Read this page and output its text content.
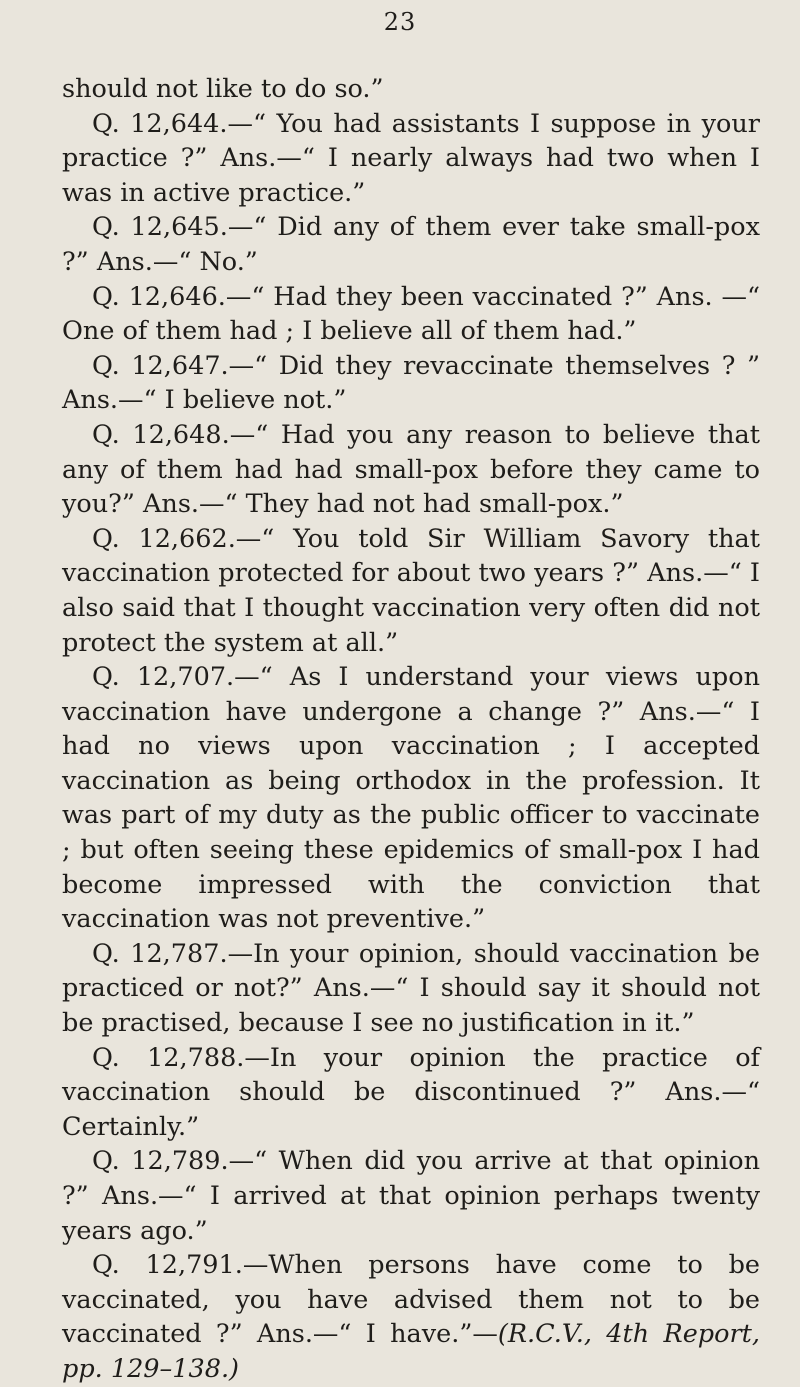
23

should not like to do so.”

Q. 12,644.—“ You had assistants I suppose in your practice ?” Ans.—“ I nearly always had two when I was in active practice.”

Q. 12,645.—“ Did any of them ever take small-pox ?” Ans.—“ No.”

Q. 12,646.—“ Had they been vaccinated ?” Ans. —“ One of them had ; I believe all of them had.”

Q. 12,647.—“ Did they revaccinate themselves ? ” Ans.—“ I believe not.”

Q. 12,648.—“ Had you any reason to believe that any of them had had small-pox before they came to you?” Ans.—“ They had not had small-pox.”

Q. 12,662.—“ You told Sir William Savory that vaccination protected for about two years ?” Ans.—“ I also said that I thought vaccination very often did not protect the system at all.”

Q. 12,707.—“ As I understand your views upon vaccination have undergone a change ?” Ans.—“ I had no views upon vaccination ; I accepted vaccination as being orthodox in the profession. It was part of my duty as the public officer to vaccinate ; but often seeing these epidemics of small-pox I had become impressed with the conviction that vaccination was not preventive.”

Q. 12,787.—In your opinion, should vaccination be practiced or not?” Ans.—“ I should say it should not be practised, because I see no justification in it.”

Q. 12,788.—In your opinion the practice of vaccination should be discontinued ?” Ans.—“ Certainly.”

Q. 12,789.—“ When did you arrive at that opinion ?” Ans.—“ I arrived at that opinion perhaps twenty years ago.”

Q. 12,791.—When persons have come to be vaccinated, you have advised them not to be vaccinated ?” Ans.—“ I have.”—(R.C.V., 4th Report, pp. 129–138.)
